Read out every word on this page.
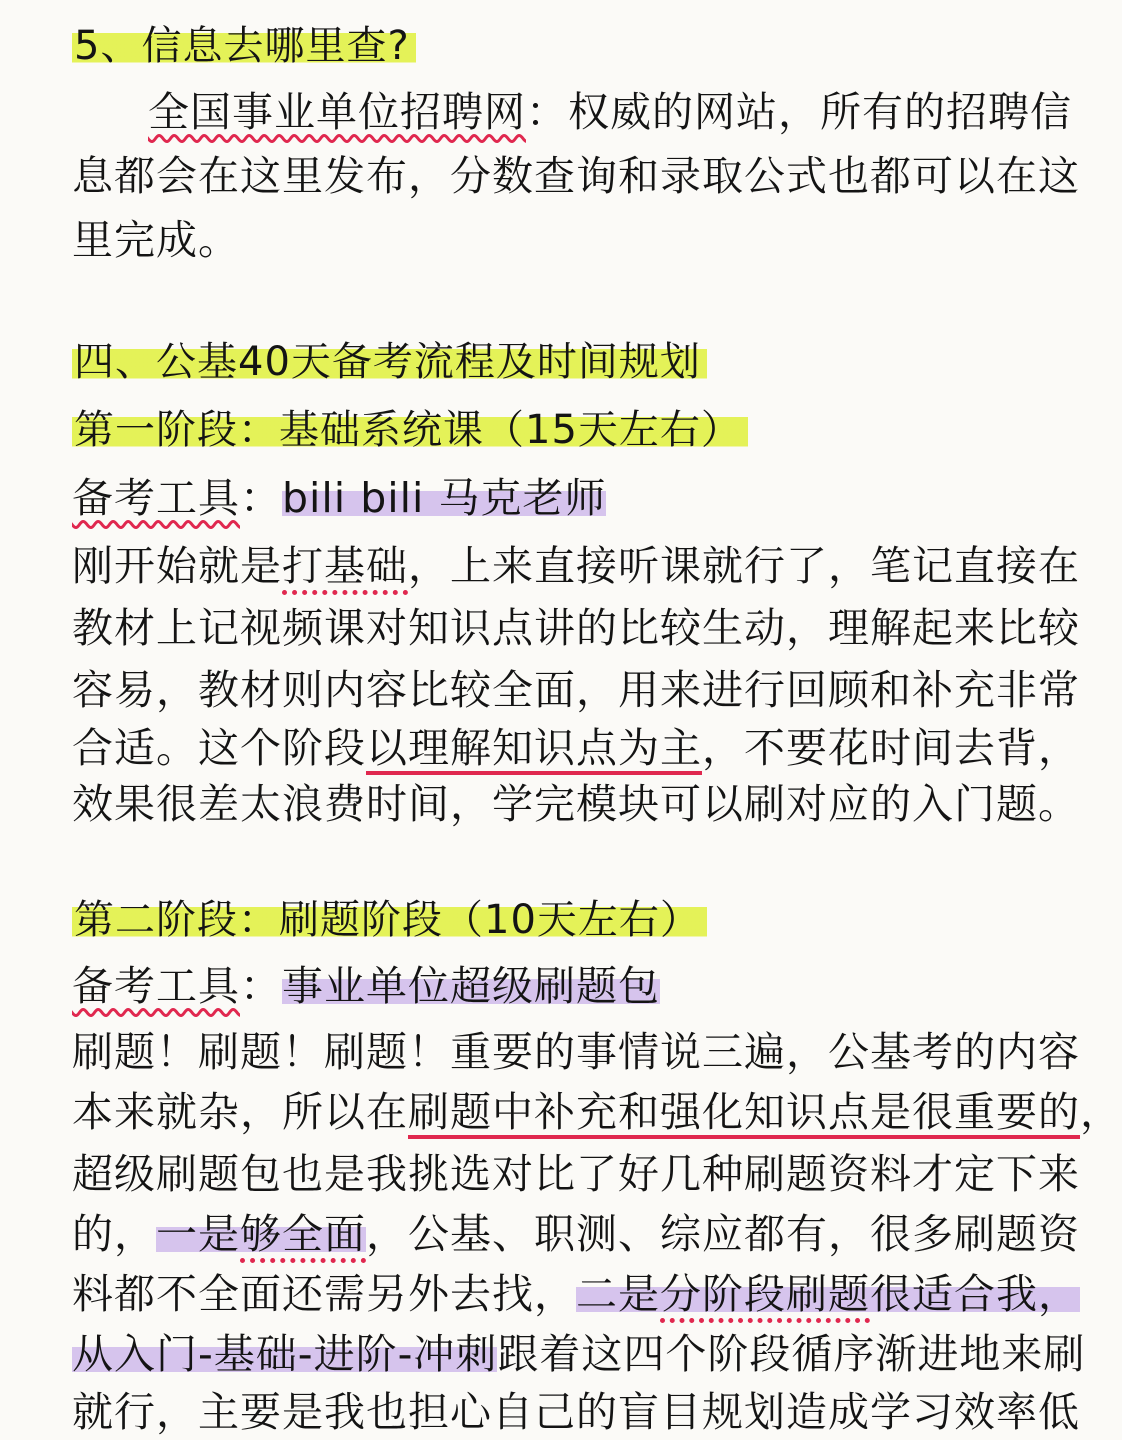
5、信息去哪里查?
全国事业单位招聘网：权威的网站，所有的招聘信
息都会在这里发布，分数查询和录取公式也都可以在这
里完成。
四、公基40天备考流程及时间规划
第一阶段：基础系统课（15天左右）
备考工具：bili bili 马克老师
刚开始就是打基础，上来直接听课就行了，笔记直接在
教材上记视频课对知识点讲的比较生动，理解起来比较
容易，教材则内容比较全面，用来进行回顾和补充非常
合适。这个阶段以理解知识点为主，不要花时间去背，
效果很差太浪费时间，学完模块可以刷对应的入门题。
第二阶段：刷题阶段（10天左右）
备考工具：事业单位超级刷题包
刷题！刷题！刷题！重要的事情说三遍，公基考的内容
本来就杂，所以在刷题中补充和强化知识点是很重要的，
超级刷题包也是我挑选对比了好几种刷题资料才定下来
的，一是够全面，公基、职测、综应都有，很多刷题资
料都不全面还需另外去找，二是分阶段刷题很适合我，
从入门-基础-进阶-冲刺跟着这四个阶段循序渐进地来刷
就行，主要是我也担心自己的盲目规划造成学习效率低
